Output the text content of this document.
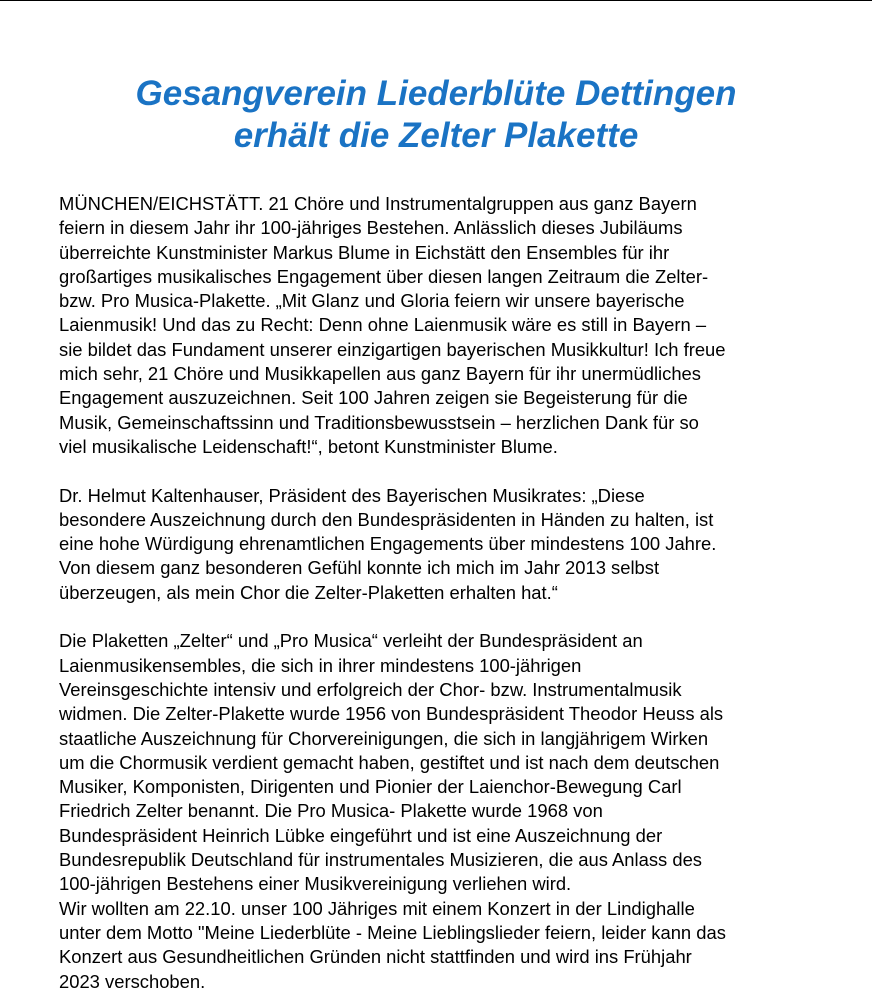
Gesangverein Liederblüte Dettingen
erhält die Zelter Plakette

MÜNCHEN/EICHSTÄTT. 21 Chöre und Instrumentalgruppen aus ganz Bayern
feiern in diesem Jahr ihr 100-jähriges Bestehen. Anlässlich dieses Jubiläums
überreichte Kunstminister Markus Blume in Eichstätt den Ensembles für ihr
großartiges musikalisches Engagement über diesen langen Zeitraum die Zelter-
bzw. Pro Musica-Plakette. „Mit Glanz und Gloria feiern wir unsere bayerische
Laienmusik! Und das zu Recht: Denn ohne Laienmusik wäre es still in Bayern –
sie bildet das Fundament unserer einzigartigen bayerischen Musikkultur! Ich freue
mich sehr, 21 Chöre und Musikkapellen aus ganz Bayern für ihr unermüdliches
Engagement auszuzeichnen. Seit 100 Jahren zeigen sie Begeisterung für die
Musik, Gemeinschaftssinn und Traditionsbewusstsein – herzlichen Dank für so
viel musikalische Leidenschaft!“, betont Kunstminister Blume.

Dr. Helmut Kaltenhauser, Präsident des Bayerischen Musikrates: „Diese
besondere Auszeichnung durch den Bundespräsidenten in Händen zu halten, ist
eine hohe Würdigung ehrenamtlichen Engagements über mindestens 100 Jahre.
Von diesem ganz besonderen Gefühl konnte ich mich im Jahr 2013 selbst
überzeugen, als mein Chor die Zelter-Plaketten erhalten hat.“

Die Plaketten „Zelter“ und „Pro Musica“ verleiht der Bundespräsident an
Laienmusikensembles, die sich in ihrer mindestens 100-jährigen
Vereinsgeschichte intensiv und erfolgreich der Chor- bzw. Instrumentalmusik
widmen. Die Zelter-Plakette wurde 1956 von Bundespräsident Theodor Heuss als
staatliche Auszeichnung für Chorvereinigungen, die sich in langjährigem Wirken
um die Chormusik verdient gemacht haben, gestiftet und ist nach dem deutschen
Musiker, Komponisten, Dirigenten und Pionier der Laienchor-Bewegung Carl
Friedrich Zelter benannt. Die Pro Musica- Plakette wurde 1968 von
Bundespräsident Heinrich Lübke eingeführt und ist eine Auszeichnung der
Bundesrepublik Deutschland für instrumentales Musizieren, die aus Anlass des
100-jährigen Bestehens einer Musikvereinigung verliehen wird.

Wir wollten am 22.10. unser 100 Jähriges mit einem Konzert in der Lindighalle
unter dem Motto "Meine Liederblüte - Meine Lieblingslieder feiern, leider kann das
Konzert aus Gesundheitlichen Gründen nicht stattfinden und wird ins Frühjahr
2023 verschoben.
